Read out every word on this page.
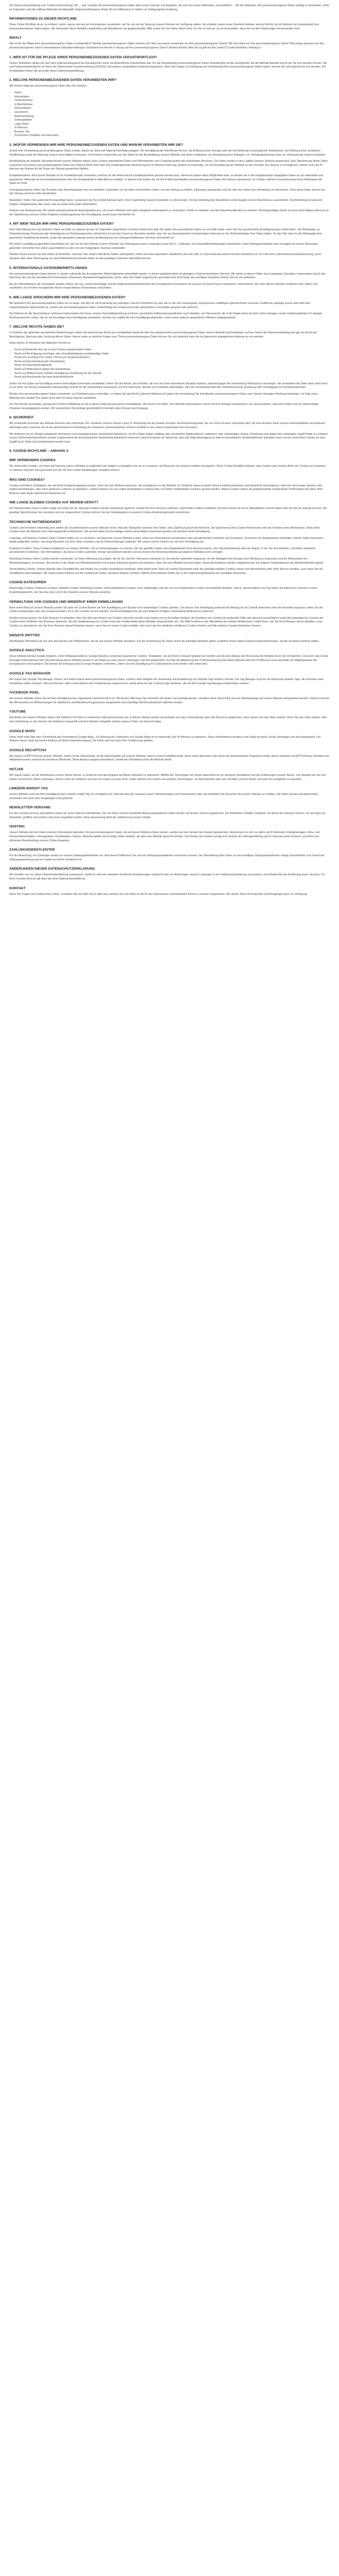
Der Datenschutzerklärung und "Cookie-Unterrichtung" der ... und "Leander die personenbezogenen Daten über unsere Dienste und Angebote, die sich auf unsere Webseiten, einschließlich ... Mit den Websites, ihre personenbezogenen Daten zuläßig zu behandeln. Unter im Folgenden wird die haftbare Webseite bereitgestellt. Datenschutzhinweise finden Sie im Hilfsbereich in Seiten zur Verfügungsbeschreibung.
INFORMATIONEN ZU DIESER RICHTLINIE
Diese Online Richtlinie ist es, zu erklären, wann, warum und wie wir Informationen verarbeiten, die Sie uns bei der Nutzung unserer Website zur Verfügung stellen. Sie erhalten zudem einen Überblick darüber, welche Rechte Sie im Rahmen der Verarbeitung Ihrer personenbezogenen Daten haben. Wir überprüfen diese Richtlinie regelmäßig und aktualisieren sie gegebenenfalls. Bitte sehen Sie sich daher diese Seite von Zeit zu Zeit an, um sicherzustellen, dass Sie mit allen Änderungen einverstanden sind.
INHALT
Wer ist für die Pflege Ihrer personenbezogenen Daten verantwortlich? Welche personenbezogenen Daten erheben wir? Wie und warum verwenden wir Ihre personenbezogenen Daten? Mit wem teilen wir Ihre personenbezogenen Daten? Wie lange speichern wir Ihre personenbezogenen Daten? Internationale Datenübermittlungen Sicherheit Ihre Rechte in Bezug auf Ihre personenbezogenen Daten? Weitere Rechte (Wer hat Zugriff auf Ihre Daten?) Cookie-Richtlinie / Anhang II
1. WER IST FÜR DIE PFLEGE IHRER PERSONENBEZOGENEN DATEN VERANTWORTLICH?
Unsere Webseiten stellen ein nach dem Datenschutzgesetz der Europäischen Union verantwortliches Unternehmen dar. Für die Verarbeitung personenbezogener Daten verantwortlich ist die Gesellschaft, die die Website betreibt und an die Sie sich wenden können. Wir sind Datenverantwortlicher im Sinne der Datenschutz-Grundverordnung (DSGVO) und anderer anwendbarer Datenschutzgesetze. Wenn Sie Fragen zur Erhebung und Verarbeitung Ihrer personenbezogenen Daten haben, können Sie sich jederzeit an uns wenden. Die Kontaktdaten finden Sie am Ende dieser Datenschutzerklärung.
2. WELCHE PERSONENBEZOGENEN DATEN VERARBEITEN WIR?
Wir können folgende personenbezogene Daten über Sie erheben:
• Name
• Adressdaten
• Telefonnummer
• E-Mail-Adresse
• Geburtsdatum
• Geschlecht
• Bankverbindung
• Zahlungsdaten
• Login-Daten
• IP-Adresse
• Browser-Typ
• Persönliche Vorlieben und Interessen
3. WOFÜR VERWENDEN WIR IHRE PERSONENBEZOGENEN DATEN UND WARUM VERARBEITEN WIR SIE?
Soweit eine Verarbeitung personenbezogener Daten erfolgt, stützen wir diese auf folgende Rechtsgrundlagen: Die Einwilligung der betroffenen Person, die Erfüllung eines Vertrags oder die Durchführung vorvertraglicher Maßnahmen, die Erfüllung einer rechtlichen Verpflichtung sowie die Wahrung unserer berechtigten Interessen. Im Einzelnen verwenden wir Ihre Daten für die Bereitstellung unserer Website und deren Funktionen, zur Bearbeitung Ihrer Anfragen, zur Vertragsabwicklung sowie zur Verbesserung unseres Angebots.
Bereitstellung der Website: Bei jedem Aufruf unserer Website erfasst unser System automatisiert Daten und Informationen vom Computersystem des aufrufenden Rechners. Die Daten werden in den Logfiles unseres Systems gespeichert. Eine Speicherung dieser Daten zusammen mit anderen personenbezogenen Daten des Nutzers findet nicht statt. Die vorübergehende Speicherung der IP-Adresse durch das System ist notwendig, um eine Auslieferung der Website an den Rechner des Nutzers zu ermöglichen. Hierfür muss die IP-Adresse des Nutzers für die Dauer der Sitzung gespeichert bleiben.
Kontaktaufnahme: Auf unserer Website ist ein Kontaktformular vorhanden, welches für die elektronische Kontaktaufnahme genutzt werden kann. Nimmt ein Nutzer diese Möglichkeit wahr, so werden die in der Eingabemaske eingegeben Daten an uns übermittelt und gespeichert. Alternativ ist eine Kontaktaufnahme über die bereitgestellte E-Mail-Adresse möglich. In diesem Fall werden die mit der E-Mail übermittelten personenbezogenen Daten des Nutzers gespeichert. Es erfolgt in diesem Zusammenhang keine Weitergabe der Daten an Dritte.
Vertragsabwicklung: Wenn Sie Produkte oder Dienstleistungen bei uns bestellen, verarbeiten wir die dafür erforderlichen Daten, um den Vertrag zu erfüllen, Zahlungen abzuwickeln und Sie über den Status Ihrer Bestellung zu informieren. Ohne diese Daten können wir den Vertrag mit Ihnen nicht abschließen.
Newsletter: Sofern Sie ausdrücklich eingewilligt haben, verwenden wir Ihre E-Mail-Adresse dafür, Ihnen regelmäßig unseren Newsletter zu übersenden. Für den Empfang des Newsletters ist die Angabe einer E-Mail-Adresse ausreichend. Die Abmeldung ist jederzeit möglich, beispielsweise über einen Link am Ende eines jeden Newsletters.
Analyse und Verbesserung: Wir werten pseudonymisierte Nutzungsdaten aus, um unsere Website und unsere Angebote kontinuierlich zu verbessern, Fehler zu beheben und die Nutzerfreundlichkeit zu erhöhen. Rechtsgrundlage hierfür ist unser berechtigtes Interesse an der Optimierung unseres Online-Angebots beziehungsweise Ihre Einwilligung, soweit diese erforderlich ist.
4. MIT WEM TEILEN WIR IHRE PERSONENBEZOGENEN DATEN?
Eine Übermittlung Ihrer persönlichen Daten an Dritte zu anderen als den im Folgenden aufgeführten Zwecken findet nicht statt. Wir geben Ihre persönlichen Daten nur an Dritte weiter, wenn Sie Ihre ausdrückliche Einwilligung dazu erteilt haben, die Weitergabe zur Geltendmachung, Ausübung oder Verteidigung von Rechtsansprüchen erforderlich ist und kein Grund zur Annahme besteht, dass Sie ein überwiegendes schutzwürdiges Interesse an der Nichtweitergabe Ihrer Daten haben, für den Fall, dass für die Weitergabe eine gesetzliche Verpflichtung besteht, sowie dies gesetzlich zulässig und für die Abwicklung von Vertragsverhältnissen mit Ihnen erforderlich ist.
Wir setzen sorgfältig ausgewählte Dienstleister ein, die uns bei dem Betrieb unserer Website, der Erbringung unserer Leistungen sowie bei IT-, Zahlungs- und Versanddienstleistungen unterstützen. Diese Auftragsverarbeiter sind vertraglich an unsere Weisungen gebunden und dürfen Ihre Daten ausschließlich zu den von uns festgelegten Zwecken verarbeiten.
Darüber hinaus können wir Ihre Daten an Behörden, Gerichte oder andere öffentliche Stellen weitergeben, sofern wir hierzu gesetzlich verpflichtet sind oder dies zur Durchsetzung unserer Rechte erforderlich ist. Im Falle einer Unternehmensumstrukturierung, eines Verkaufs oder einer Übertragung von Geschäftsbereichen können Daten an den jeweiligen Erwerber übermittelt werden.
5. INTERNATIONALE DATENÜBERMITTLUNGEN
Ihre personenbezogenen Daten können in Länder außerhalb des Europäischen Wirtschaftsraums übermittelt werden, in denen gegebenenfalls ein geringeres Datenschutzniveau herrscht. Wir stellen in diesen Fällen durch geeignete Garantien, insbesondere durch den Abschluss der von der Europäischen Kommission erlassenen Standardvertragsklauseln, sicher, dass Ihre Daten angemessen geschützt sind. Eine Kopie der jeweiligen Garantien können Sie bei uns anfordern.
Bei der Übermittlung in die Vereinigten Staaten stützen wir uns, soweit einschlägig, auf den Angemessenheitsbeschluss der Europäischen Kommission für das EU-US Data Privacy Framework. Unternehmen, die unter diesem Rahmen zertifiziert sind, haben sich verpflichtet, ein mit dem europäischen Recht vergleichbares Schutzniveau einzuhalten.
6. WIE LANGE SPEICHERN WIR IHRE PERSONENBEZOGENEN DATEN?
Wir speichern Ihre personenbezogenen Daten nur so lange, wie dies für die Erreichung der jeweiligen Zwecke erforderlich ist oder wie es die vom Gesetzgeber vorgesehenen vielfältigen Speicherfristen vorsehen. Entfällt der jeweilige Zweck oder läuft eine vorgeschriebene Speicherfrist ab, werden die personenbezogenen Daten routinemäßig und entsprechend den gesetzlichen Vorschriften gesperrt oder gelöscht.
Die Kriterien für die Speicherdauer umfassen insbesondere die Dauer unserer Geschäftsbeziehung mit Ihnen, gesetzliche Aufbewahrungspflichten nach Handels- und Steuerrecht, die in der Regel sechs bis zehn Jahre betragen, sowie Verjährungsfristen für etwaige Rechtsansprüche. Daten, die wir auf Grundlage Ihrer Einwilligung verarbeiten, löschen wir, sobald Sie Ihre Einwilligung widerrufen, sofern keine anderen gesetzlichen Pflichten entgegenstehen.
7. WELCHE RECHTE HABEN SIE?
Im Rahmen der geltenden gesetzlichen Bestimmungen haben Sie jederzeit das Recht auf unentgeltliche Auskunft über Ihre gespeicherten personenbezogenen Daten, deren Herkunft und Empfänger und den Zweck der Datenverarbeitung und ggf. ein Recht auf Berichtigung, Sperrung oder Löschung dieser Daten. Hierzu sowie zu weiteren Fragen zum Thema personenbezogene Daten können Sie sich jederzeit unter der im Impressum angegebenen Adresse an uns wenden.
Ihnen stehen im Einzelnen die folgenden Rechte zu:
• Recht auf Auskunft über die zu Ihrer Person gespeicherten Daten
• Recht auf Berichtigung unrichtiger oder Vervollständigung unvollständiger Daten
• Recht auf Löschung Ihrer Daten ("Recht auf Vergessenwerden")
• Recht auf Einschränkung der Verarbeitung
• Recht auf Datenübertragbarkeit
• Recht auf Widerspruch gegen die Verarbeitung
• Recht auf Widerruf einer erteilten Einwilligung mit Wirkung für die Zukunft
• Recht auf Beschwerde bei einer Aufsichtsbehörde
Sofern wir Ihre Daten auf Grundlage unserer berechtigten Interessen verarbeiten, haben Sie das Recht, aus Gründen, die sich aus Ihrer besonderen Situation ergeben, jederzeit gegen die Verarbeitung Widerspruch einzulegen. Wir verarbeiten die Daten dann nicht mehr, es sei denn, wir können zwingende schutzwürdige Gründe für die Verarbeitung nachweisen, die Ihre Interessen, Rechte und Freiheiten überwiegen, oder die Verarbeitung dient der Geltendmachung, Ausübung oder Verteidigung von Rechtsansprüchen.
Werden Ihre personenbezogenen Daten verarbeitet, um Direktwerbung zu betreiben, so haben Sie das Recht, jederzeit Widerspruch gegen die Verarbeitung Sie betreffender personenbezogener Daten zum Zwecke derartiger Werbung einzulegen. Im Falle eines Widerspruchs werden Ihre Daten nicht mehr für diese Zwecke verarbeitet.
Um Ihre Rechte auszuüben, genügt eine formlose Mitteilung an die in dieser Erklärung genannten Kontaktdaten. Wir können Sie bitten, Ihre Identität nachzuweisen, bevor wir Ihrer Anfrage nachkommen, um sicherzustellen, dass Ihre Daten nicht an unberechtigte Personen herausgegeben werden. Wir beantworten Ihre Anfrage grundsätzlich innerhalb eines Monats nach Eingang.
8. SICHERHEIT
Wir verwenden innerhalb des Website-Besuchs das verbreitete SSL-Verfahren (Secure Socket Layer) in Verbindung mit der jeweils höchsten Verschlüsselungsstufe, die von Ihrem Browser unterstützt wird. Ob eine einzelne Seite unseres Internetauftrittes verschlüsselt übertragen wird, erkennen Sie an der geschlossenen Darstellung des Schlüssel- beziehungsweise Schloss-Symbols in der unteren Statusleiste Ihres Browsers.
Wir bedienen uns im Übrigen geeigneter technischer und organisatorischer Sicherheitsmaßnahmen, um Ihre Daten gegen zufällige oder vorsätzliche Manipulationen, teilweisen oder vollständigen Verlust, Zerstörung oder gegen den unbefugten Zugriff Dritter zu schützen. Unsere Sicherheitsmaßnahmen werden entsprechend der technologischen Entwicklung fortlaufend verbessert. Dennoch weisen wir darauf hin, dass die Datenübertragung im Internet grundsätzlich Sicherheitslücken aufweisen kann und ein lückenloser Schutz vor dem Zugriff durch Dritte nicht gewährleistet werden kann.
9. COOKIE-RICHTLINIE – ANHANG A
WIR VERWENDEN COOKIES
Wir verwenden Cookies, um Ihnen die Nutzung unserer Website so angenehm wie möglich zu gestalten und um zu verstehen, wie Besucher mit unseren Inhalten interagieren. Diese Cookie-Richtlinie erläutert, was Cookies sind, welche Arten von Cookies wir einsetzen, zu welchen Zwecken dies geschieht und wie Sie Ihre Cookie-Einstellungen verwalten können.
WAS SIND COOKIES?
Cookies sind kleine Textdateien, die auf Ihrem Endgerät abgelegt werden, wenn Sie eine Website besuchen. Sie ermöglichen es der Website, Ihr Gerät bei einem erneuten Besuch wiederzuerkennen und bestimmte Informationen, etwa Ihre bevorzugte Sprache oder andere Einstellungen, über einen gewissen Zeitraum zu speichern. Cookies können von uns selbst (Erstanbieter-Cookies) oder von Dritten (Drittanbieter-Cookies) gesetzt werden. Neben Cookies setzen wir gegebenenfalls vergleichbare Technologien wie Pixel, Web Beacons oder lokale Speichermechanismen ein.
WIE LANGE BLEIBEN COOKIES AUF MEINEM GERÄT?
Die Speicherdauer eines Cookies hängt von seiner Art ab. Sitzungs-Cookies werden automatisch gelöscht, sobald Sie Ihren Browser schließen. Dauerhafte Cookies verbleiben auf Ihrem Gerät, bis sie ihr Ablaufdatum erreicht haben oder bis Sie sie manuell löschen. Die jeweilige Speicherdauer der einzelnen von uns eingesetzten Cookies können Sie den Detailangaben in unserem Cookie-Einstellungsbereich entnehmen.
TECHNISCHE NOTWENDIGKEIT
Cookies, die technisch notwendig sind, stellen die Grundfunktionen unserer Website sicher, etwa die Navigation zwischen den Seiten, den Zugriff auf gesicherte Bereiche, die Speicherung Ihrer Cookie-Präferenzen oder die Funktion eines Warenkorbs. Ohne diese Cookies kann die Website nicht ordnungsgemäß funktionieren. Sie werden daher auf Grundlage unseres berechtigten Interesses gesetzt und erfordern keine Einwilligung.
Leistungs- und Analyse-Cookies: Diese Cookies helfen uns zu verstehen, wie Besucher unsere Website nutzen, indem sie Informationen anonymisiert oder pseudonymisiert sammeln und auswerten. So können wir beispielsweise feststellen, welche Seiten besonders häufig aufgerufen werden, wie lange Besucher auf einer Seite verweilen und ob Fehlermeldungen auftreten. Wir setzen solche Cookies nur mit Ihrer Einwilligung ein.
Funktions-Cookies: Diese Cookies ermöglichen es unserer Website, sich an Entscheidungen zu erinnern, die Sie getroffen haben, wie beispielsweise Ihren Benutzernamen, Ihre Spracheinstellung oder die Region, in der Sie sich befinden, und bieten erweiterte, persönlichere Funktionen. Die Informationen, die diese Cookies sammeln, können anonymisiert werden und sie können Ihre Browsing-Aktivität auf anderen Websites nicht verfolgen.
Marketing-Cookies: Diese Cookies werden verwendet, um Ihnen Werbung anzuzeigen, die für Sie und Ihre Interessen relevanter ist. Sie werden außerdem eingesetzt, um die Häufigkeit der Anzeige einer Werbung zu begrenzen und die Wirksamkeit von Werbekampagnen zu messen. Sie werden in der Regel von Werbenetzwerken mit unserer Erlaubnis gesetzt und speichern, dass Sie eine Website besucht haben. Diese Informationen werden möglicherweise mit anderen Organisationen wie Werbetreibenden geteilt.
Social-Media-Cookies: Unsere Website kann Schaltflächen und Inhalte von sozialen Netzwerken einbinden. Beim Aufruf einer Seite mit solchen Elementen kann der jeweilige Anbieter Cookies setzen und Informationen über Ihren Besuch erhalten, auch wenn Sie die Schaltfläche nicht betätigen. Wir haben keinen Einfluss auf den Umfang der Daten, die diese Anbieter erheben. Nähere Informationen finden Sie in den Datenschutzhinweisen der jeweiligen Netzwerke.
COOKIE-KATEGORIEN
Notwendige Cookies; Präferenz-Cookies; Statistik-Cookies; Marketing-Cookies; Nicht klassifizierte Cookies. Eine vollständige Liste der von uns eingesetzten Cookies einschließlich Anbieter, Zweck, Speicherdauer und Typ finden Sie jederzeit in unserem Cookie-Einstellungsbereich, den Sie über den Link in der Fußzeile unserer Website erreichen.
VERWALTUNG VON COOKIES UND WIDERRUF IHRER EINWILLIGUNG
Beim ersten Besuch unserer Website werden Sie über ein Cookie-Banner um Ihre Einwilligung zum Einsatz nicht notwendiger Cookies gebeten. Sie können Ihre Einwilligung jederzeit mit Wirkung für die Zukunft widerrufen oder Ihre Auswahl anpassen, indem Sie die Cookie-Einstellungen über den entsprechenden Link in der Fußzeile erneut aufrufen. Die Rechtmäßigkeit der bis zum Widerruf erfolgten Verarbeitung bleibt davon unberührt.
Darüber hinaus können Sie Ihren Browser so einstellen, dass Sie über das Setzen von Cookies informiert werden und Cookies nur im Einzelfall erlauben, die Annahme von Cookies für bestimmte Fälle oder generell ausschließen sowie das automatische Löschen der Cookies beim Schließen des Browsers aktivieren. Bei der Deaktivierung von Cookies kann die Funktionalität dieser Website eingeschränkt sein. Die Hilfe-Funktion in der Menüleiste der meisten Webbrowser erklärt Ihnen, wie Sie Ihren Browser davon abhalten, neue Cookies zu akzeptieren, wie Sie Ihren Browser darauf hinweisen lassen, wenn Sie ein neues Cookie erhalten, oder auch wie Sie sämtliche erhaltenen Cookies löschen und alle weiteren Cookies blockieren können.
DIENSTE DRITTER
Nachfolgend informieren wir Sie über die Dienste von Drittanbietern, die wir auf unserer Website einsetzen. Für die Verarbeitung der Daten durch die jeweiligen Anbieter gelten zusätzlich deren eigene Datenschutzbestimmungen, auf die wir keinen Einfluss haben.
GOOGLE ANALYTICS
Diese Website benutzt Google Analytics, einen Webanalysedienst. Google Analytics verwendet sogenannte Cookies, Textdateien, die auf Ihrem Computer gespeichert werden und die eine Analyse der Benutzung der Website durch Sie ermöglichen. Die durch das Cookie erzeugten Informationen über Ihre Benutzung dieser Website werden in der Regel an einen Server übertragen und dort gespeichert. Im Falle der Aktivierung der IP-Anonymisierung auf dieser Website wird Ihre IP-Adresse zuvor innerhalb von Mitgliedstaaten der Europäischen Union gekürzt. Sie können die Erfassung durch Google Analytics verhindern, indem Sie Ihre Einwilligung im Cookie-Banner nicht erteilen oder widerrufen.
GOOGLE TAG MANAGER
Wir nutzen den Google Tag Manager. Dieses Tool selbst erfasst keine personenbezogenen Daten, sondern dient lediglich der Verwaltung und Auslieferung von Website-Tags anderer Dienste. Der Tag Manager sorgt für die Auslösung anderer Tags, die ihrerseits unter Umständen Daten erfassen. Wird auf Domain- oder Cookie-Ebene eine Deaktivierung vorgenommen, bleibt diese für alle Tracking-Tags bestehen, die mit dem Google Tag Manager implementiert werden.
FACEBOOK PIXEL
Auf unserer Website setzen wir mit Ihrer Einwilligung das sogenannte Facebook-Pixel ein. Mit dessen Hilfe kann das Verhalten der Nutzer nachverfolgt werden, nachdem diese durch Klick auf eine Werbeanzeige auf unsere Website weitergeleitet wurden. Dadurch können die Wirksamkeit von Werbeanzeigen für statistische und Marktforschungszwecke ausgewertet und zukünftige Werbemaßnahmen optimiert werden.
YOUTUBE
Wir binden auf unserer Website Videos der Plattform YouTube im erweiterten Datenschutzmodus ein. In diesem Modus werden laut Anbieter erst dann Informationen über den Besucher gespeichert, wenn dieser sich das Video ansieht. Wenn Sie das Video starten, wird eine Verbindung zu den Servern des Anbieters hergestellt und dem Anbieter mitgeteilt, welche unserer Seiten Sie besucht haben.
GOOGLE MAPS
Diese Seite nutzt über eine Schnittstelle den Kartendienst Google Maps. Zur Nutzung der Funktionen von Google Maps ist es notwendig, Ihre IP-Adresse zu speichern. Diese Informationen werden in der Regel an einen Server übertragen und dort gespeichert. Der Anbieter dieser Seite hat keinen Einfluss auf diese Datenübertragung. Die Karte wird erst nach Ihrer Zustimmung geladen.
GOOGLE RECAPTCHA
Wir nutzen reCAPTCHA auf unserer Website. Zweck ist die Überprüfung, ob die Dateneingabe auf unserer Website, etwa in einem Kontaktformular, durch einen Menschen oder durch ein automatisiertes Programm erfolgt. Hierzu analysiert reCAPTCHA das Verhalten des Websitebesuchers anhand verschiedener Merkmale. Diese Analyse beginnt automatisch, sobald der Websitebesucher die Website betritt.
HOTJAR
Wir nutzen Hotjar, um die Bedürfnisse unserer Nutzer besser zu verstehen und das Angebot auf dieser Webseite zu optimieren. Mithilfe der Technologie von Hotjar bekommen wir ein besseres Verständnis von den Erfahrungen unserer Nutzer, zum Beispiel wie viel Zeit Nutzer auf welchen Seiten verbringen, welche Links sie anklicken und was sie mögen und was nicht. Hotjar arbeitet mit Cookies und anderen Technologien, um Informationen über das Verhalten unserer Nutzer und über ihre Endgeräte zu sammeln.
LINKEDIN INSIGHT TAG
Unsere Website nutzt mit Ihrer Einwilligung das LinkedIn Insight Tag. Es ermöglicht uns, Berichte über die Leistung unserer Werbeanzeigen und Informationen über die Interaktion der Besucher mit unserer Website zu erhalten. Die Daten werden pseudonymisiert verarbeitet und nach einer festgelegten Frist gelöscht.
NEWSLETTER-VERSAND
Für den Versand unseres Newsletters nutzen wir einen externen Dienstleister. Die von Ihnen zwecks Newsletter-Bezug eingegebenen Daten werden auf dessen Servern gespeichert. Die Newsletter enthalten Zählpixel, mit denen wir erkennen können, ob und wann ein Newsletter geöffnet und welche Links darin angeklickt wurden. Diese Auswertung dient der Optimierung unserer Inhalte.
HOSTING
Unsere Website wird bei einem externen Dienstleister gehostet. Die personenbezogenen Daten, die auf dieser Website erfasst werden, werden auf den Servern des Hosters gespeichert. Hierbei kann es sich vor allem um IP-Adressen, Kontaktanfragen, Meta- und Kommunikationsdaten, Vertragsdaten, Kontaktdaten, Namen, Websitezugriffe und sonstige Daten handeln, die über eine Website generiert werden. Der Einsatz des Hosters erfolgt zum Zwecke der Vertragserfüllung und im Interesse einer sicheren, schnellen und effizienten Bereitstellung unseres Online-Angebots.
ZAHLUNGSDIENSTLEISTER
Für die Abwicklung von Zahlungen setzen wir externe Zahlungsdienstleister ein, über deren Plattformen Sie und wir Zahlungstransaktionen vornehmen können. Die Übermittlung Ihrer Daten an den jeweiligen Zahlungsdienstleister erfolgt ausschließlich zum Zweck der Zahlungsabwicklung und nur soweit sie hierfür erforderlich ist.
ÄNDERUNGEN DIESER DATENSCHUTZERKLÄRUNG
Wir behalten uns vor, diese Datenschutzerklärung anzupassen, damit sie stets den aktuellen rechtlichen Anforderungen entspricht oder um Änderungen unserer Leistungen in der Datenschutzerklärung umzusetzen, zum Beispiel bei der Einführung neuer Services. Für Ihren erneuten Besuch gilt dann die neue Datenschutzerklärung.
KONTAKT
Wenn Sie Fragen zum Datenschutz haben, schreiben Sie uns bitte eine E-Mail oder wenden Sie sich direkt an die für den Datenschutz verantwortliche Person in unserer Organisation. Wir stehen Ihnen für Auskünfte und Anregungen gern zur Verfügung.
